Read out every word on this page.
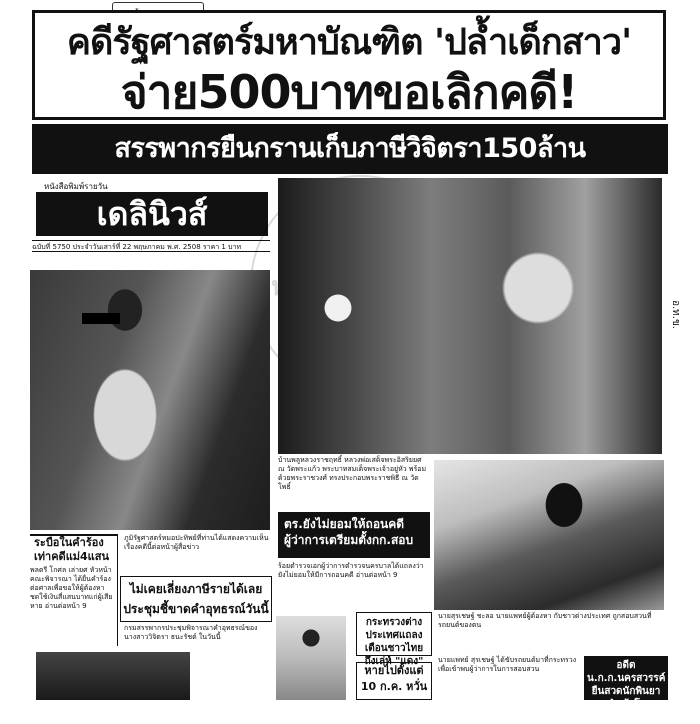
คดีรัฐศาสตร์มหาบัณฑิต 'ปล้ำเด็กสาว'
จ่าย500บาทขอเลิกคดี!
สรรพากรยืนกรานเก็บภาษีวิจิตรา150ล้าน
หนังสือพิมพ์รายวัน
เดลินิวส์
ฉบับที่ 5750 ประจำวันเสาร์ที่ 22 พฤษภาคม พ.ศ. 2508 ราคา 1 บาท
อ.ท.ข.
บ้านพลูหลวงราชฤทธิ์ หลวงพ่อเสด็จพระอิสริยยศ ณ วัดพระแก้ว พระบาทสมเด็จพระเจ้าอยู่หัว พร้อมด้วยพระราชวงศ์ ทรงประกอบพระราชพิธี ณ วัดโพธิ์
นายสุรเชษฐ์ ชะลอ นายแพทย์ผู้ต้องหา กับชาวต่างประเทศ ถูกสอบสวนที่รถยนต์ของตน
ระบือในคำร้องเท่าคดีแม่4แสน
พลตรี โกศล เล่ายศ หัวหน้าคณะพิจารณา ได้ยื่นคำร้องต่อศาลเพื่อขอให้ผู้ต้องหาชดใช้เงินสี่แสนบาทแก่ผู้เสียหาย อ่านต่อหน้า 9
ภูมิรัฐศาสตร์หมอปะทิพย์ที่ท่านได้แสดงความเห็นเรื่องคดีนี้ต่อหน้าผู้สื่อข่าว
ไม่เคยเลี่ยงภาษีรายได้เลย
ประชุมชี้ขาดคำอุทธรณ์วันนี้
กรมสรรพากรประชุมพิจารณาคำอุทธรณ์ของนางสาววิจิตรา ธนะรัชต์ ในวันนี้
ตร.ยังไม่ยอมให้ถอนคดี
ผู้ว่าการเตรียมตั้งกก.สอบ
ร้อยตำรวจเอกผู้ว่าการตำรวจนครบาลได้แถลงว่ายังไม่ยอมให้มีการถอนคดี อ่านต่อหน้า 9
กระทรวงต่างประเทศแถลงเตือนชาวไทยถึงเล่ห์ "แดง"
หายไปตั้งแต่ 10 ก.ค. หวั่น
นายแพทย์ สุรเชษฐ์ ได้ขับรถยนต์มาที่กระทรวงเพื่อเข้าพบผู้ว่าการในการสอบสวน	อดีตน.ก.ก.นครสวรรค์ยืนสวดนักพินยายาทำเค้าโครงเรื่องเจ้า
